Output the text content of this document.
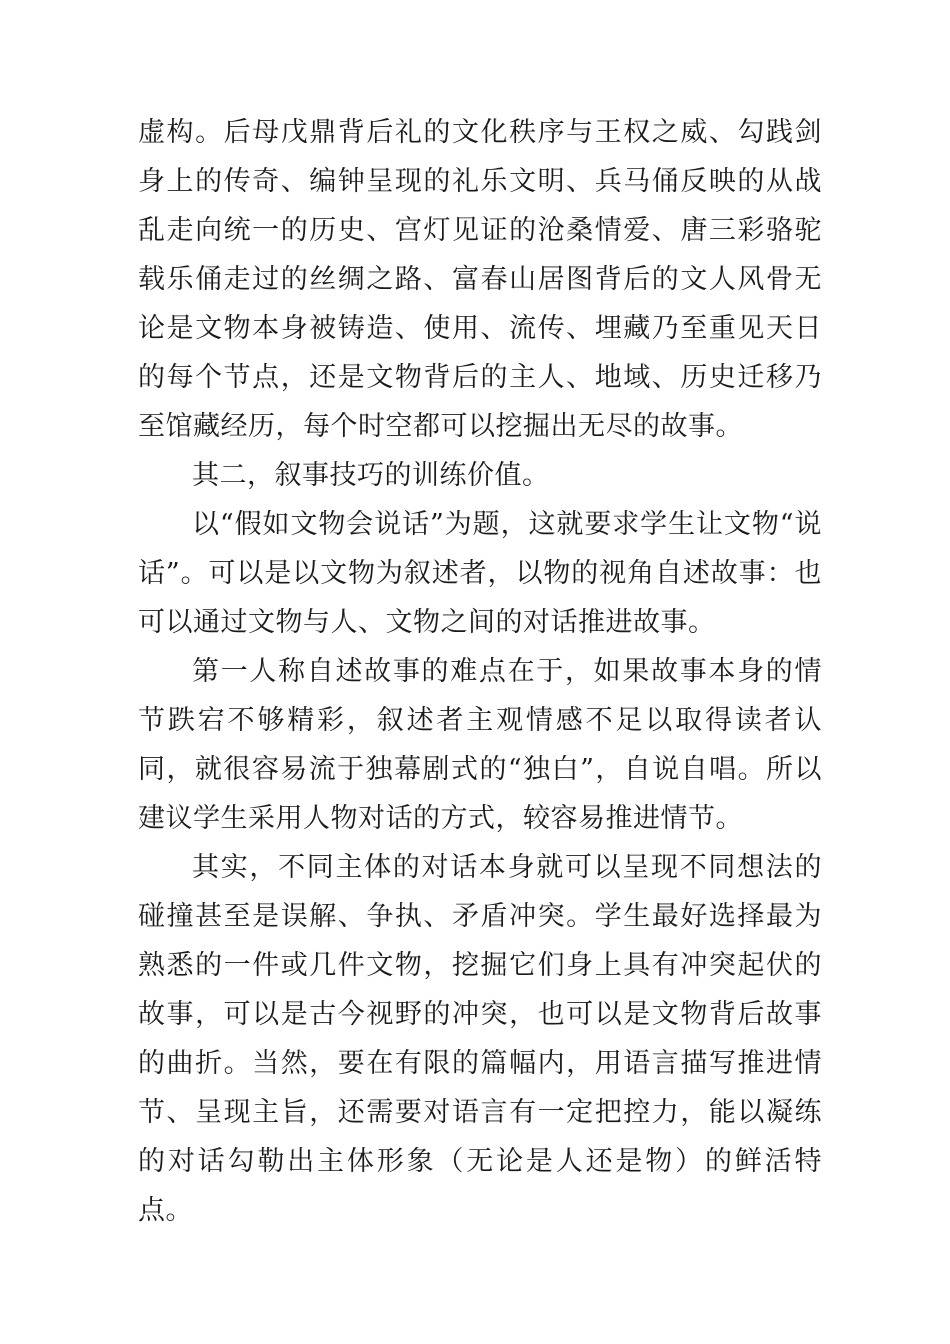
虚构。后母戊鼎背后礼的文化秩序与王权之威、勾践剑身上的传奇、编钟呈现的礼乐文明、兵马俑反映的从战乱走向统一的历史、宫灯见证的沧桑情爱、唐三彩骆驼载乐俑走过的丝绸之路、富春山居图背后的文人风骨无论是文物本身被铸造、使用、流传、埋藏乃至重见天日的每个节点，还是文物背后的主人、地域、历史迁移乃至馆藏经历，每个时空都可以挖掘出无尽的故事。

其二，叙事技巧的训练价值。

以“假如文物会说话”为题，这就要求学生让文物“说话”。可以是以文物为叙述者，以物的视角自述故事：也可以通过文物与人、文物之间的对话推进故事。

第一人称自述故事的难点在于，如果故事本身的情节跌宕不够精彩，叙述者主观情感不足以取得读者认同，就很容易流于独幕剧式的“独白”，自说自唱。所以建议学生采用人物对话的方式，较容易推进情节。

其实，不同主体的对话本身就可以呈现不同想法的碰撞甚至是误解、争执、矛盾冲突。学生最好选择最为熟悉的一件或几件文物，挖掘它们身上具有冲突起伏的故事，可以是古今视野的冲突，也可以是文物背后故事的曲折。当然，要在有限的篇幅内，用语言描写推进情节、呈现主旨，还需要对语言有一定把控力，能以凝练的对话勾勒出主体形象（无论是人还是物）的鲜活特点。
